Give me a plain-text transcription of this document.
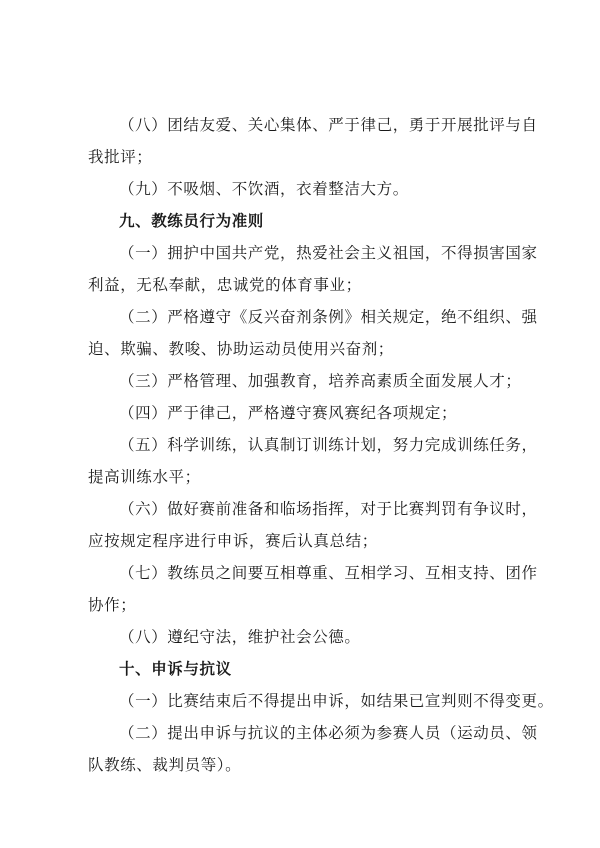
（八）团结友爱、关心集体、严于律己，勇于开展批评与自
我批评；
（九）不吸烟、不饮酒，衣着整洁大方。
九、教练员行为准则
（一）拥护中国共产党，热爱社会主义祖国，不得损害国家
利益，无私奉献，忠诚党的体育事业；
（二）严格遵守《反兴奋剂条例》相关规定，绝不组织、强
迫、欺骗、教唆、协助运动员使用兴奋剂；
（三）严格管理、加强教育，培养高素质全面发展人才；
（四）严于律己，严格遵守赛风赛纪各项规定；
（五）科学训练，认真制订训练计划，努力完成训练任务，
提高训练水平；
（六）做好赛前准备和临场指挥，对于比赛判罚有争议时，
应按规定程序进行申诉，赛后认真总结；
（七）教练员之间要互相尊重、互相学习、互相支持、团作
协作；
（八）遵纪守法，维护社会公德。
十、申诉与抗议
（一）比赛结束后不得提出申诉，如结果已宣判则不得变更。
（二）提出申诉与抗议的主体必须为参赛人员（运动员、领
队教练、裁判员等）。
